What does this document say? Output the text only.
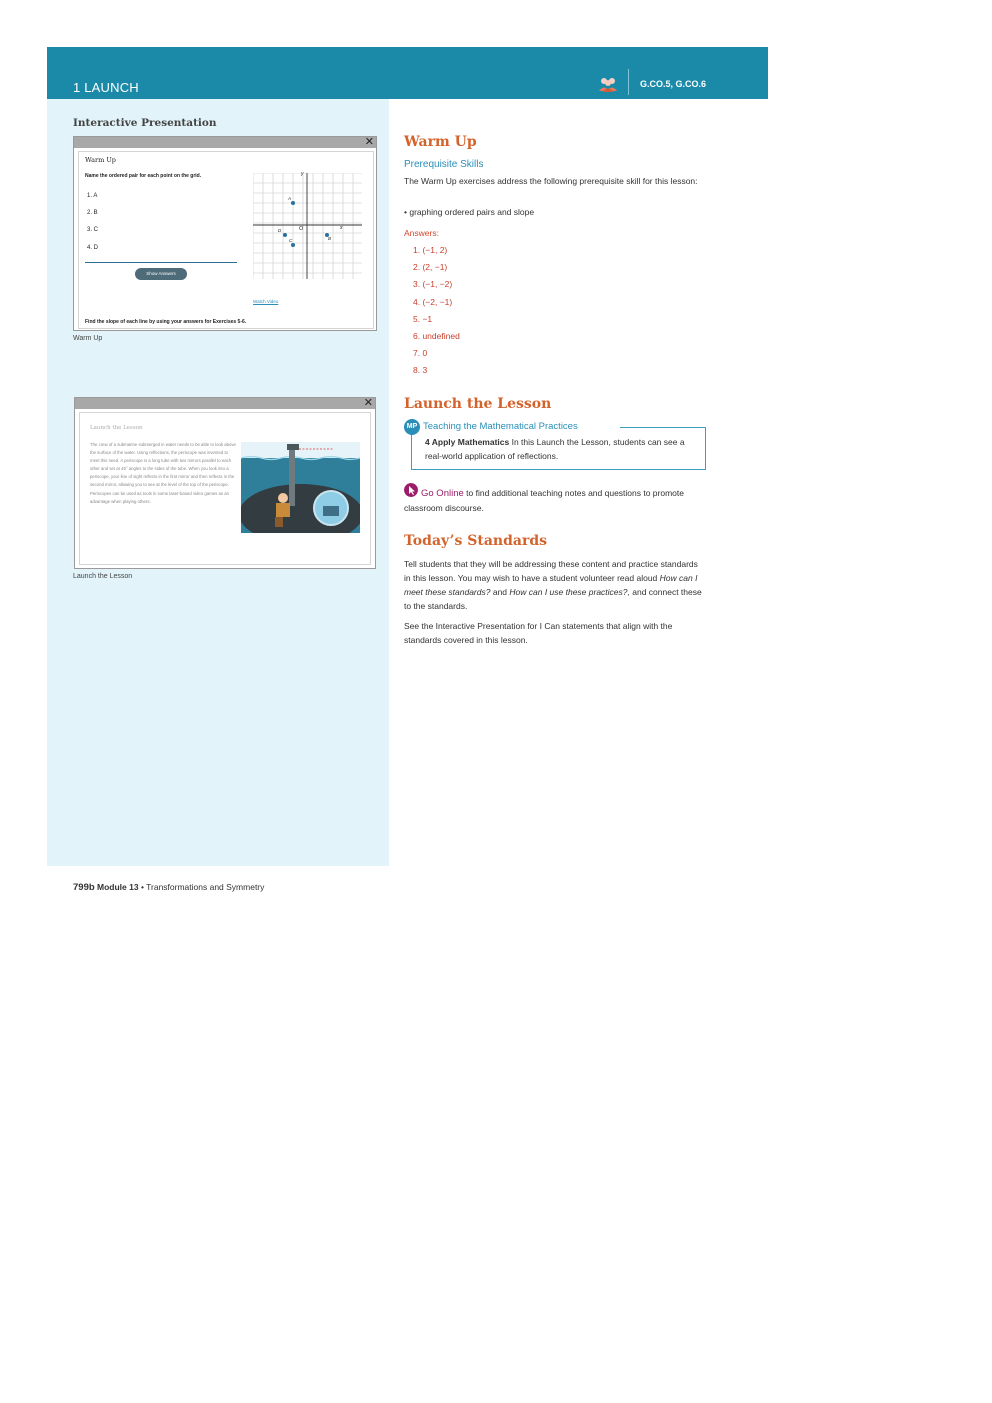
1 LAUNCH	G.CO.5, G.CO.6
Interactive Presentation
✕
Warm Up
Name the ordered pair for each point on the grid.
1. A
2. B
3. C
4. D
Show Answers
Watch Video
Find the slope of each line by using your answers for Exercises 5-6.
y
x
O
A
B
C
D
Warm Up
✕
Launch the Lesson
The crew of a submarine submerged in water needs to be able to look above the surface of the water. Using reflections, the periscope was invented to meet this need. A periscope is a long tube with two mirrors parallel to each other and set at 45° angles to the sides of the tube. When you look into a periscope, your line of sight reflects in the first mirror and then reflects in the second mirror, allowing you to see at the level of the top of the periscope. Periscopes can be used as tools in some laser-based video games as an advantage when playing others.
Launch the Lesson
Warm Up
Prerequisite Skills
The Warm Up exercises address the following prerequisite skill for this lesson:
• graphing ordered pairs and slope
Answers:
1. (−1, 2)
2. (2, −1)
3. (−1, −2)
4. (−2, −1)
5. −1
6. undefined
7. 0
8. 3
Launch the Lesson
MP Teaching the Mathematical Practices
4 Apply Mathematics In this Launch the Lesson, students can see a real-world application of reflections.
Go Online to find additional teaching notes and questions to promote classroom discourse.
Today’s Standards
Tell students that they will be addressing these content and practice standards in this lesson. You may wish to have a student volunteer read aloud How can I meet these standards? and How can I use these practices?, and connect these to the standards.
See the Interactive Presentation for I Can statements that align with the standards covered in this lesson.
799b Module 13 • Transformations and Symmetry
